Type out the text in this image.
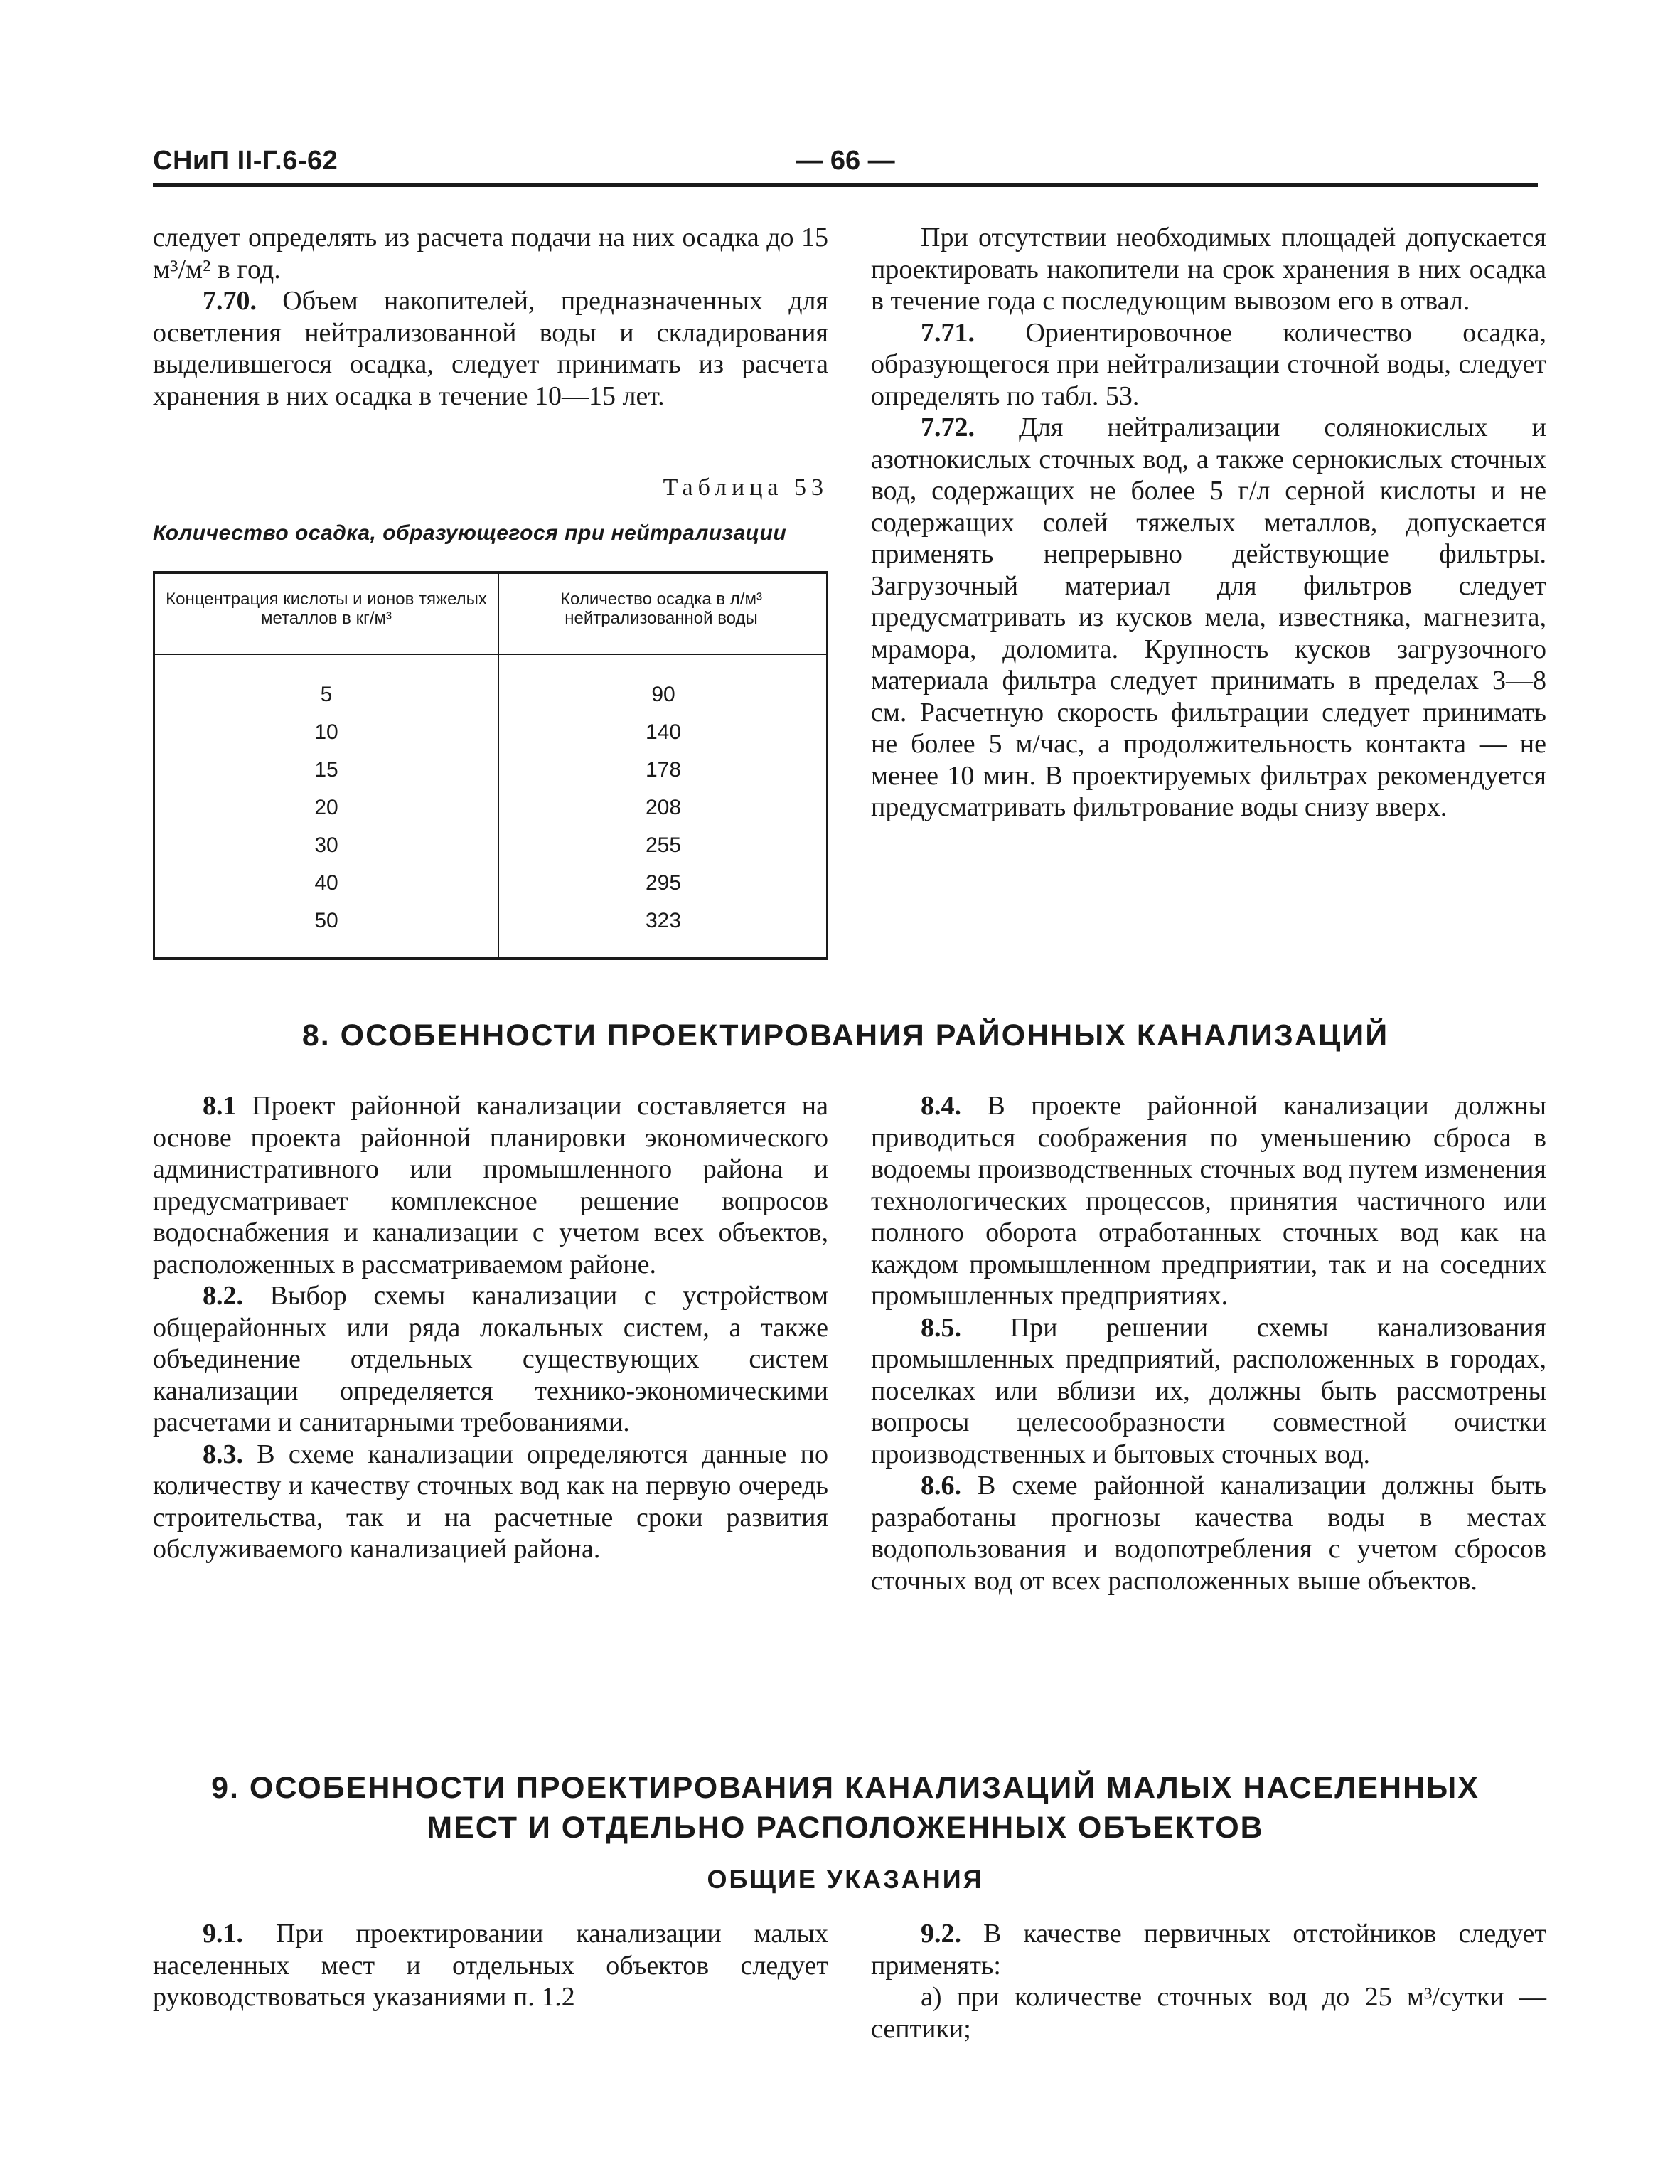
СНиП II-Г.6-62	— 66 —

следует определять из расчета подачи на них осадка до 15 м³/м² в год.

7.70. Объем накопителей, предназначенных для осветления нейтрализованной воды и складирования выделившегося осадка, следует принимать из расчета хранения в них осадка в течение 10—15 лет.

Таблица 53
Количество осадка, образующегося при нейтрализации
Концентрация кислоты и ионов тяжелых металлов в кг/м³
Количество осадка в л/м³ нейтрализованной воды
5	90
10	140
15	178
20	208
30	255
40	295
50	323

При отсутствии необходимых площадей допускается проектировать накопители на срок хранения в них осадка в течение года с последующим вывозом его в отвал.

7.71. Ориентировочное количество осадка, образующегося при нейтрализации сточной воды, следует определять по табл. 53.

7.72. Для нейтрализации солянокислых и азотнокислых сточных вод, а также сернокислых сточных вод, содержащих не более 5 г/л серной кислоты и не содержащих солей тяжелых металлов, допускается применять непрерывно действующие фильтры. Загрузочный материал для фильтров следует предусматривать из кусков мела, известняка, магнезита, мрамора, доломита. Крупность кусков загрузочного материала фильтра следует принимать в пределах 3—8 см. Расчетную скорость фильтрации следует принимать не более 5 м/час, а продолжительность контакта — не менее 10 мин. В проектируемых фильтрах рекомендуется предусматривать фильтрование воды снизу вверх.

8. ОСОБЕННОСТИ ПРОЕКТИРОВАНИЯ РАЙОННЫХ КАНАЛИЗАЦИЙ

8.1 Проект районной канализации составляется на основе проекта районной планировки экономического административного или промышленного района и предусматривает комплексное решение вопросов водоснабжения и канализации с учетом всех объектов, расположенных в рассматриваемом районе.

8.2. Выбор схемы канализации с устройством общерайонных или ряда локальных систем, а также объединение отдельных существующих систем канализации определяется технико-экономическими расчетами и санитарными требованиями.

8.3. В схеме канализации определяются данные по количеству и качеству сточных вод как на первую очередь строительства, так и на расчетные сроки развития обслуживаемого канализацией района.

8.4. В проекте районной канализации должны приводиться соображения по уменьшению сброса в водоемы производственных сточных вод путем изменения технологических процессов, принятия частичного или полного оборота отработанных сточных вод как на каждом промышленном предприятии, так и на соседних промышленных предприятиях.

8.5. При решении схемы канализования промышленных предприятий, расположенных в городах, поселках или вблизи их, должны быть рассмотрены вопросы целесообразности совместной очистки производственных и бытовых сточных вод.

8.6. В схеме районной канализации должны быть разработаны прогнозы качества воды в местах водопользования и водопотребления с учетом сбросов сточных вод от всех расположенных выше объектов.

9. ОСОБЕННОСТИ ПРОЕКТИРОВАНИЯ КАНАЛИЗАЦИЙ МАЛЫХ НАСЕЛЕННЫХ
МЕСТ И ОТДЕЛЬНО РАСПОЛОЖЕННЫХ ОБЪЕКТОВ
ОБЩИЕ УКАЗАНИЯ

9.1. При проектировании канализации малых населенных мест и отдельных объектов следует руководствоваться указаниями п. 1.2

9.2. В качестве первичных отстойников следует применять:

а) при количестве сточных вод до 25 м³/сутки — септики;
